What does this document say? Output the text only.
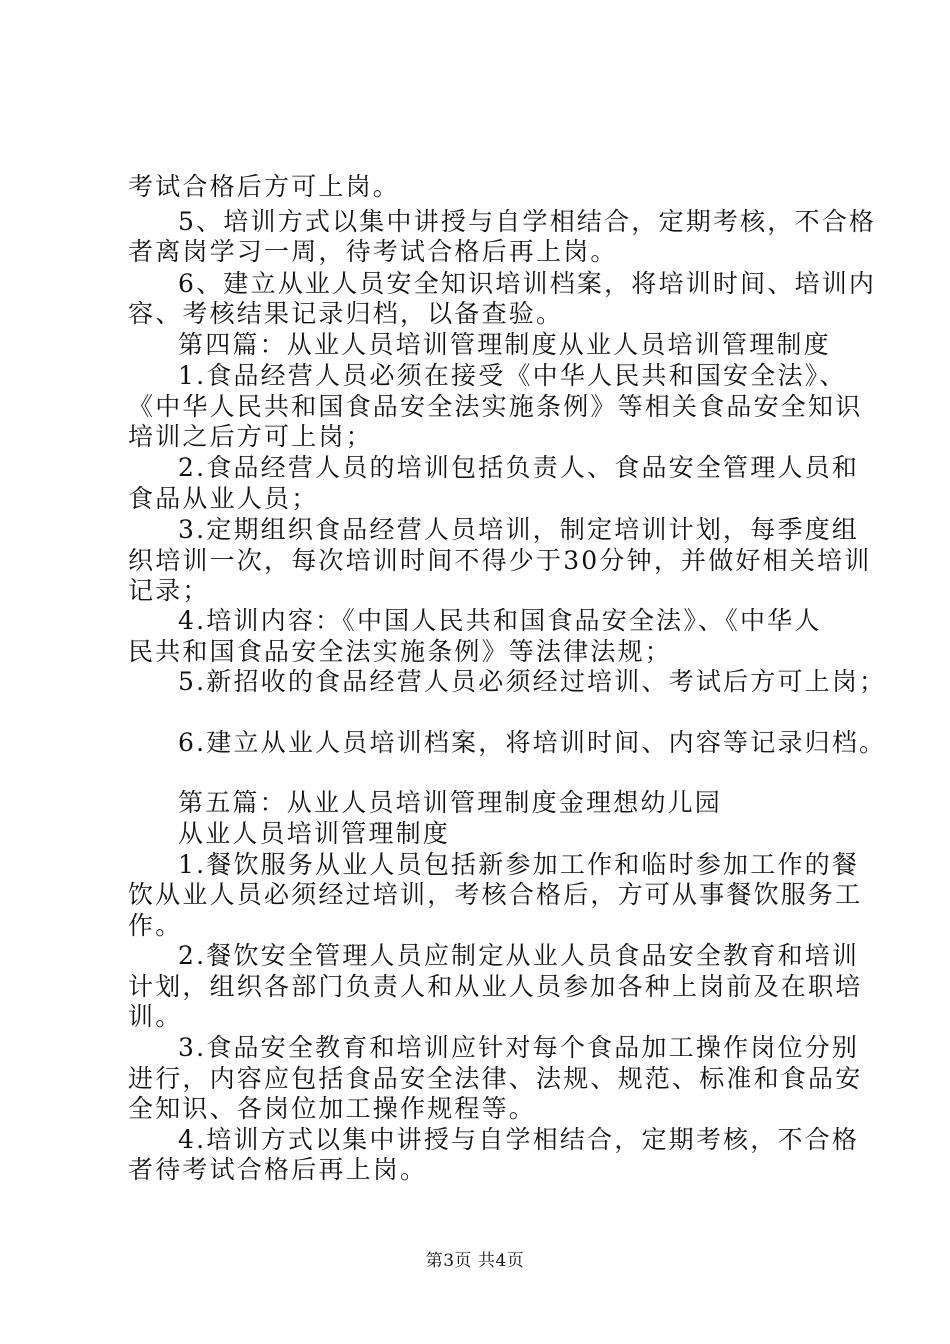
考试合格后方可上岗。
5、培训方式以集中讲授与自学相结合，定期考核，不合格
者离岗学习一周，待考试合格后再上岗。
6、建立从业人员安全知识培训档案，将培训时间、培训内
容、考核结果记录归档，以备查验。
第四篇：从业人员培训管理制度从业人员培训管理制度
1.食品经营人员必须在接受《中华人民共和国安全法》、
《中华人民共和国食品安全法实施条例》等相关食品安全知识
培训之后方可上岗；
2.食品经营人员的培训包括负责人、食品安全管理人员和
食品从业人员；
3.定期组织食品经营人员培训，制定培训计划，每季度组
织培训一次，每次培训时间不得少于30分钟，并做好相关培训
记录；
4.培训内容：《中国人民共和国食品安全法》、《中华人
民共和国食品安全法实施条例》等法律法规；
5.新招收的食品经营人员必须经过培训、考试后方可上岗；
6.建立从业人员培训档案，将培训时间、内容等记录归档。
第五篇：从业人员培训管理制度金理想幼儿园
从业人员培训管理制度
1.餐饮服务从业人员包括新参加工作和临时参加工作的餐
饮从业人员必须经过培训，考核合格后，方可从事餐饮服务工
作。
2.餐饮安全管理人员应制定从业人员食品安全教育和培训
计划，组织各部门负责人和从业人员参加各种上岗前及在职培
训。
3.食品安全教育和培训应针对每个食品加工操作岗位分别
进行，内容应包括食品安全法律、法规、规范、标准和食品安
全知识、各岗位加工操作规程等。
4.培训方式以集中讲授与自学相结合，定期考核，不合格
者待考试合格后再上岗。
第3页 共4页
